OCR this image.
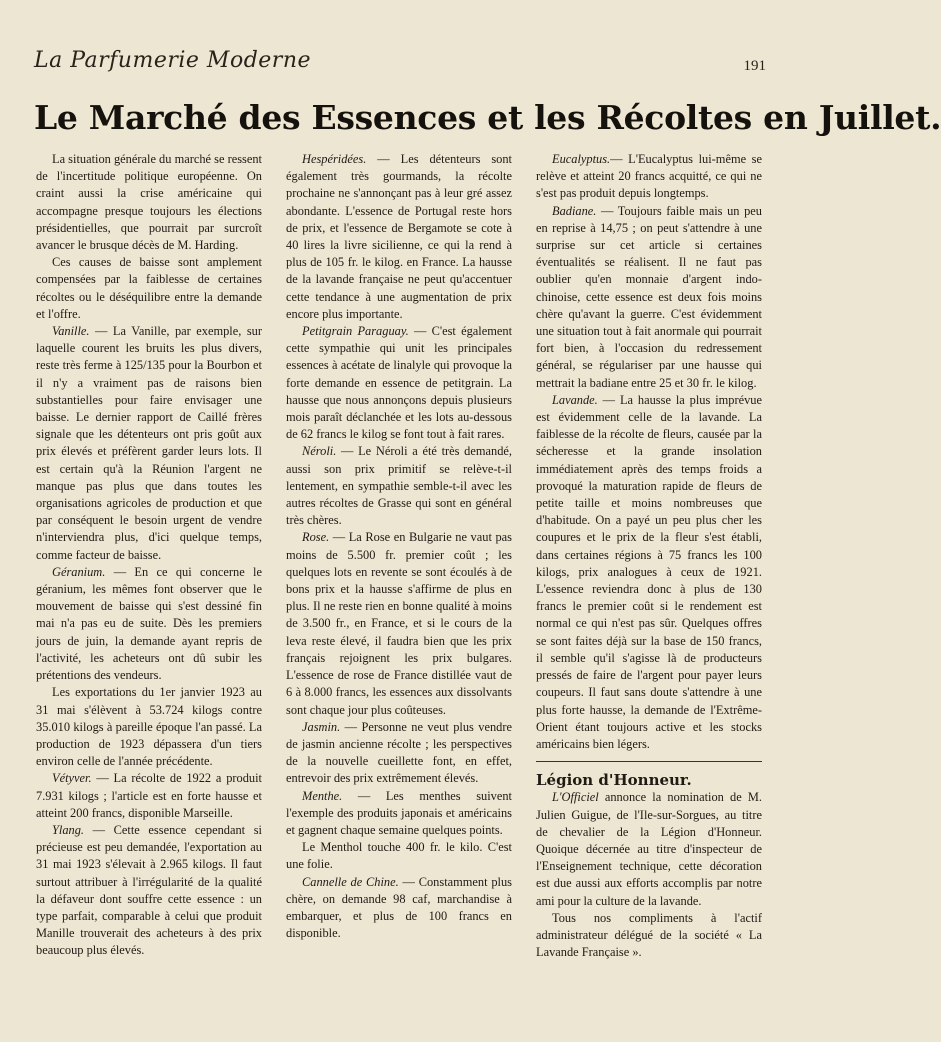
La Parfumerie Moderne	191
Le Marché des Essences et les Récoltes en Juillet.

La situation générale du marché se ressent de l'incertitude politique européenne. On craint aussi la crise américaine qui accompagne presque toujours les élections présidentielles, que pourrait par surcroît avancer le brusque décès de M. Harding.

Ces causes de baisse sont amplement compensées par la faiblesse de certaines récoltes ou le déséquilibre entre la demande et l'offre.

Vanille. — La Vanille, par exemple, sur laquelle courent les bruits les plus divers, reste très ferme à 125/135 pour la Bourbon et il n'y a vraiment pas de raisons bien substantielles pour faire envisager une baisse. Le dernier rapport de Caillé frères signale que les détenteurs ont pris goût aux prix élevés et préfèrent garder leurs lots. Il est certain qu'à la Réunion l'argent ne manque pas plus que dans toutes les organisations agricoles de production et que par conséquent le besoin urgent de vendre n'interviendra plus, d'ici quelque temps, comme facteur de baisse.

Géranium. — En ce qui concerne le géranium, les mêmes font observer que le mouvement de baisse qui s'est dessiné fin mai n'a pas eu de suite. Dès les premiers jours de juin, la demande ayant repris de l'activité, les acheteurs ont dû subir les prétentions des vendeurs.

Les exportations du 1er janvier 1923 au 31 mai s'élèvent à 53.724 kilogs contre 35.010 kilogs à pareille époque l'an passé. La production de 1923 dépassera d'un tiers environ celle de l'année précédente.

Vétyver. — La récolte de 1922 a produit 7.931 kilogs ; l'article est en forte hausse et atteint 200 francs, disponible Marseille.

Ylang. — Cette essence cependant si précieuse est peu demandée, l'exportation au 31 mai 1923 s'élevait à 2.965 kilogs. Il faut surtout attribuer à l'irrégularité de la qualité la défaveur dont souffre cette essence : un type parfait, comparable à celui que produit Manille trouverait des acheteurs à des prix beaucoup plus élevés.

Hespéridées. — Les détenteurs sont également très gourmands, la récolte prochaine ne s'annonçant pas à leur gré assez abondante. L'essence de Portugal reste hors de prix, et l'essence de Bergamote se cote à 40 lires la livre sicilienne, ce qui la rend à plus de 105 fr. le kilog. en France. La hausse de la lavande française ne peut qu'accentuer cette tendance à une augmentation de prix encore plus importante.

Petitgrain Paraguay. — C'est également cette sympathie qui unit les principales essences à acétate de linalyle qui provoque la forte demande en essence de petitgrain. La hausse que nous annonçons depuis plusieurs mois paraît déclanchée et les lots au-dessous de 62 francs le kilog se font tout à fait rares.

Néroli. — Le Néroli a été très demandé, aussi son prix primitif se relève-t-il lentement, en sympathie semble-t-il avec les autres récoltes de Grasse qui sont en général très chères.

Rose. — La Rose en Bulgarie ne vaut pas moins de 5.500 fr. premier coût ; les quelques lots en revente se sont écoulés à de bons prix et la hausse s'affirme de plus en plus. Il ne reste rien en bonne qualité à moins de 3.500 fr., en France, et si le cours de la leva reste élevé, il faudra bien que les prix français rejoignent les prix bulgares. L'essence de rose de France distillée vaut de 6 à 8.000 francs, les essences aux dissolvants sont chaque jour plus coûteuses.

Jasmin. — Personne ne veut plus vendre de jasmin ancienne récolte ; les perspectives de la nouvelle cueillette font, en effet, entrevoir des prix extrêmement élevés.

Menthe. — Les menthes suivent l'exemple des produits japonais et américains et gagnent chaque semaine quelques points.

Le Menthol touche 400 fr. le kilo. C'est une folie.

Cannelle de Chine. — Constamment plus chère, on demande 98 caf, marchandise à embarquer, et plus de 100 francs en disponible.

Eucalyptus.— L'Eucalyptus lui-même se relève et atteint 20 francs acquitté, ce qui ne s'est pas produit depuis longtemps.

Badiane. — Toujours faible mais un peu en reprise à 14,75 ; on peut s'attendre à une surprise sur cet article si certaines éventualités se réalisent. Il ne faut pas oublier qu'en monnaie d'argent indo-chinoise, cette essence est deux fois moins chère qu'avant la guerre. C'est évidemment une situation tout à fait anormale qui pourrait fort bien, à l'occasion du redressement général, se régulariser par une hausse qui mettrait la badiane entre 25 et 30 fr. le kilog.

Lavande. — La hausse la plus imprévue est évidemment celle de la lavande. La faiblesse de la récolte de fleurs, causée par la sécheresse et la grande insolation immédiatement après des temps froids a provoqué la maturation rapide de fleurs de petite taille et moins nombreuses que d'habitude. On a payé un peu plus cher les coupures et le prix de la fleur s'est établi, dans certaines régions à 75 francs les 100 kilogs, prix analogues à ceux de 1921. L'essence reviendra donc à plus de 130 francs le premier coût si le rendement est normal ce qui n'est pas sûr. Quelques offres se sont faites déjà sur la base de 150 francs, il semble qu'il s'agisse là de producteurs pressés de faire de l'argent pour payer leurs coupeurs. Il faut sans doute s'attendre à une plus forte hausse, la demande de l'Extrême-Orient étant toujours active et les stocks américains bien légers.

Légion d'Honneur.

L'Officiel annonce la nomination de M. Julien Guigue, de l'Ile-sur-Sorgues, au titre de chevalier de la Légion d'Honneur. Quoique décernée au titre d'inspecteur de l'Enseignement technique, cette décoration est due aussi aux efforts accomplis par notre ami pour la culture de la lavande.

Tous nos compliments à l'actif administrateur délégué de la société « La Lavande Française ».
